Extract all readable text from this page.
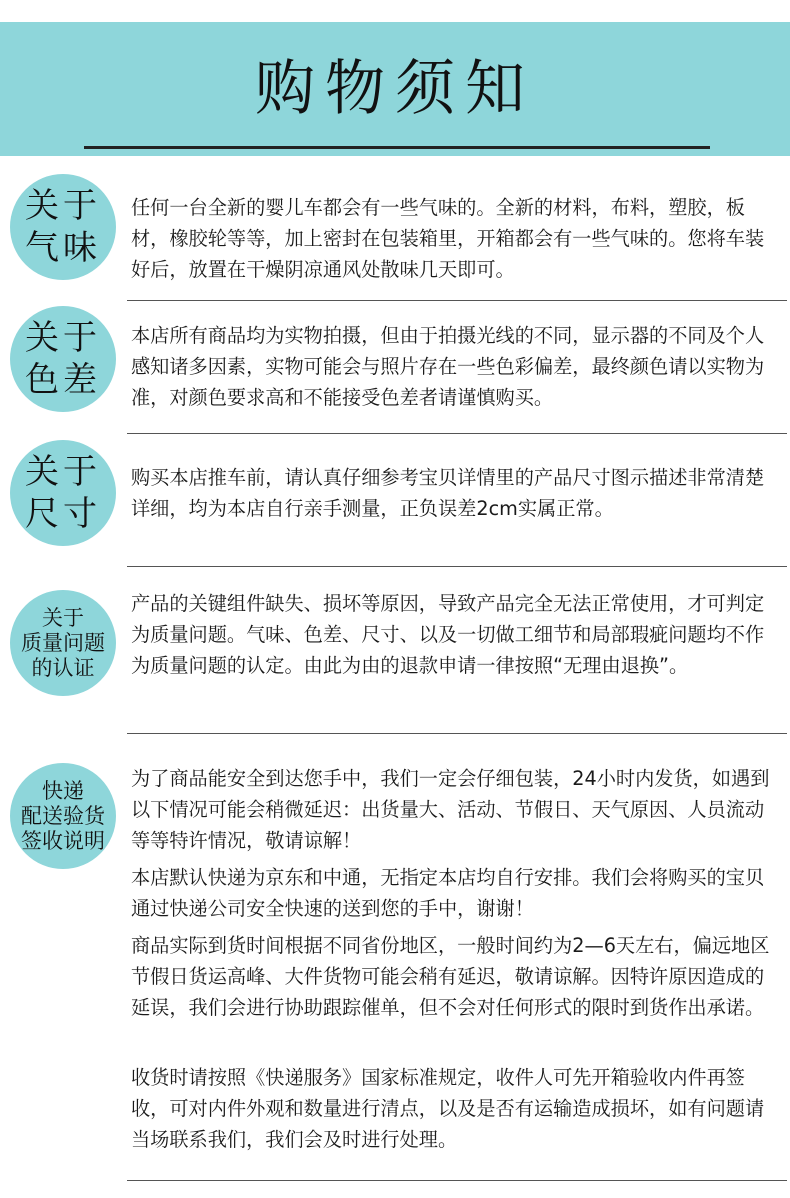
购物须知
关于
气味

任何一台全新的婴儿车都会有一些气味的。全新的材料，布料，塑胶，板材，橡胶轮等等，加上密封在包装箱里，开箱都会有一些气味的。您将车装好后，放置在干燥阴凉通风处散味几天即可。

关于
色差

本店所有商品均为实物拍摄，但由于拍摄光线的不同，显示器的不同及个人感知诸多因素，实物可能会与照片存在一些色彩偏差，最终颜色请以实物为准，对颜色要求高和不能接受色差者请谨慎购买。

关于
尺寸

购买本店推车前，请认真仔细参考宝贝详情里的产品尺寸图示描述非常清楚详细，均为本店自行亲手测量，正负误差2cm实属正常。

关于
质量问题
的认证

产品的关键组件缺失、损坏等原因，导致产品完全无法正常使用，才可判定为质量问题。气味、色差、尺寸、以及一切做工细节和局部瑕疵问题均不作为质量问题的认定。由此为由的退款申请一律按照“无理由退换”。

快递
配送验货
签收说明

为了商品能安全到达您手中，我们一定会仔细包装，24小时内发货，如遇到以下情况可能会稍微延迟：出货量大、活动、节假日、天气原因、人员流动等等特许情况，敬请谅解！

本店默认快递为京东和中通，无指定本店均自行安排。我们会将购买的宝贝通过快递公司安全快速的送到您的手中，谢谢！

商品实际到货时间根据不同省份地区，一般时间约为2—6天左右，偏远地区节假日货运高峰、大件货物可能会稍有延迟，敬请谅解。因特许原因造成的延误，我们会进行协助跟踪催单，但不会对任何形式的限时到货作出承诺。

收货时请按照《快递服务》国家标准规定，收件人可先开箱验收内件再签收，可对内件外观和数量进行清点，以及是否有运输造成损坏，如有问题请当场联系我们，我们会及时进行处理。
